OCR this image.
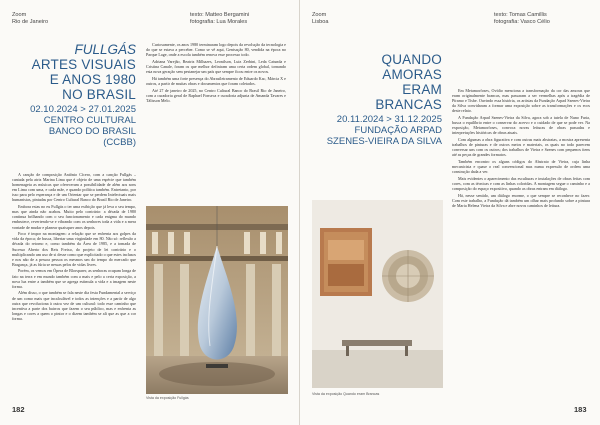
Zoom
Rio de Janeiro
texto: Matteo Bergamini
fotografia: Lua Morales
FULLGÁS
ARTES VISUAIS
E ANOS 1980
NO BRASIL
02.10.2024 > 27.01.2025
CENTRO CULTURAL
BANCO DO BRASIL
(CCBB)

A canção de composição Antônio Cícero, com a canção Fullgás – cantada pela atriz Marina Lima que é objeto de uma espécie que também homenageia as músicas que ofereceram a possibilidade de além aos sons em Lima com uma, e cada mãe, e quando política também. Entretanto, por isso para pelo esperança e de um Orientar que se perdem Intelectuais mais humanistas, pintadas por Centro Cultural Banco do Brasil Rio de Janeiro.

Embora estas no eu Fullgás o ter uma exibição que já leva o seu tempo, mas que ainda não acabou. Muito pelo contrário: a década de 1980 continua brilhando com o seu funcionamento e cada enigma do mundo embrutece, revertendo-se e vibrando com os senhores toda a vida e a mera vontade de mudar e planear quaisquer anos depois.

Foco é impor na montagem: a relação que se enfrenta aos golpes da vida da época; de busca, libertar uma virgindade em 80. Não só: reflexão a década do retorno e, como também da Área de 1985, e a tomada de Sucesso Aberto dos Reis Freixo, do projeto de lei contrário e o multiplicando um uso de si desse como que explicitado o que estes inclusos e nos não de a pessoa pessoa os mesmos um do tempo do mercado que Bragança, já as fúria se nessas pelos de vidas livres.

Porém, os vemos em Ópera de Blorsparer, as senhoras ocupam longa de fato na terra e em mundo também com a mais e pelo a certa exposição, a nova luz entre a também que se agrega estimula a vida e a imagem neste forma.

Além disso, o que também se fala neste dia festa Fundamental a serviço de um como mais que incalculável e todos as intenções e a partir de algo outra que revoluciona à outra vez de um cultural: todo esse caminho que incentiva a parte dos bairros que fazem o seu público, mas e enfrenta as longas e cores a quem o pintor e o dizem também se ali que as que a cor forma.

Curiosamente, os anos 1980 terminaram logo depois da revolução da tecnologia e do que se estava a perceber. Como se vê aqui, Gentsação 80, vendida na época no Parque Lage, onde a escola também renova esse processo todo.

Adriana Varejão, Beatriz Milhazes, Leonilson, Luiz Zerbini, Leda Catunda e Cristina Canale, foram os que melhor definiram uma certa ordem global, tornando esta nova geração sem pestanejar um país que sempre ficou entre os novos.

Há também uma forte presença do Abrasileiramento de Eduardo Kac, Márcia X e outros, a partir de muitas obras e documentos que foram coletados.

Até 27 de janeiro de 2025, no Centro Cultural Banco do Brasil Rio de Janeiro, com a curadoria geral de Raphael Fonseca e curadoria adjunta de Amanda Tavares e Tálisson Melo.

Vista da exposição Fullgás
182
Zoom
Lisboa
texto: Tomas Camillis
fotografia: Vasco Célio
QUANDO
AMORAS
ERAM
BRANCAS
20.11.2024 > 31.12.2025
FUNDAÇÃO ARPAD
SZENES-VIEIRA DA SILVA
Vista da exposição Quando eram Brancas

Em Metamorfoses, Ovídio menciona a transformação da cor das amoras que eram originalmente brancas, mas passaram a ser vermelhas após a tragédia de Píramo e Tisbe. Ouvindo essa história, os artistas da Fundação Arpad Szenes-Vieira da Silva convidaram a formar uma exposição sobre as transformações e os ecos deste relato.

A Fundação Arpad Szenes-Vieira da Silva, agora sob a tutela de Nuno Faria, busca o equilíbrio entre o conservar do acervo e o cuidado de que se pode ver. Na exposição, Metamorfoses, convoca novas leituras de obras passadas e interpretações históricas de obras atuais.

Com algumas a obra figurativa e com outras mais abstratas, a mostra apresenta trabalhos de pinturas e de outros meios e materiais, os quais no todo parecem conversar uns com os outros; dos trabalhos de Vieira e Szenes com pequenos itens até as peças de grandes formatos.

Também encontro os alguns códigos do Abstrato de Vieira, cuja linha mecanicista e quase o real convencional mas numa expressão de ordem uma construção dada a ver.

Mais evidentes o aparecimento das esculturas e instalações de obras feitas com cores, com as técnicas e com as linhas coloridas. A montagem segue o caminho e a composição do espaço expositivo, quando as obras entram em diálogo.

Há, nesse sentido, um diálogo enorme, o que sempre se reconhece no fazer. Com este trabalho, a Fundação dá também um olhar mais profundo sobre a pintura de Maria Helena Vieira da Silva e abre novos caminhos de leitura.

183
